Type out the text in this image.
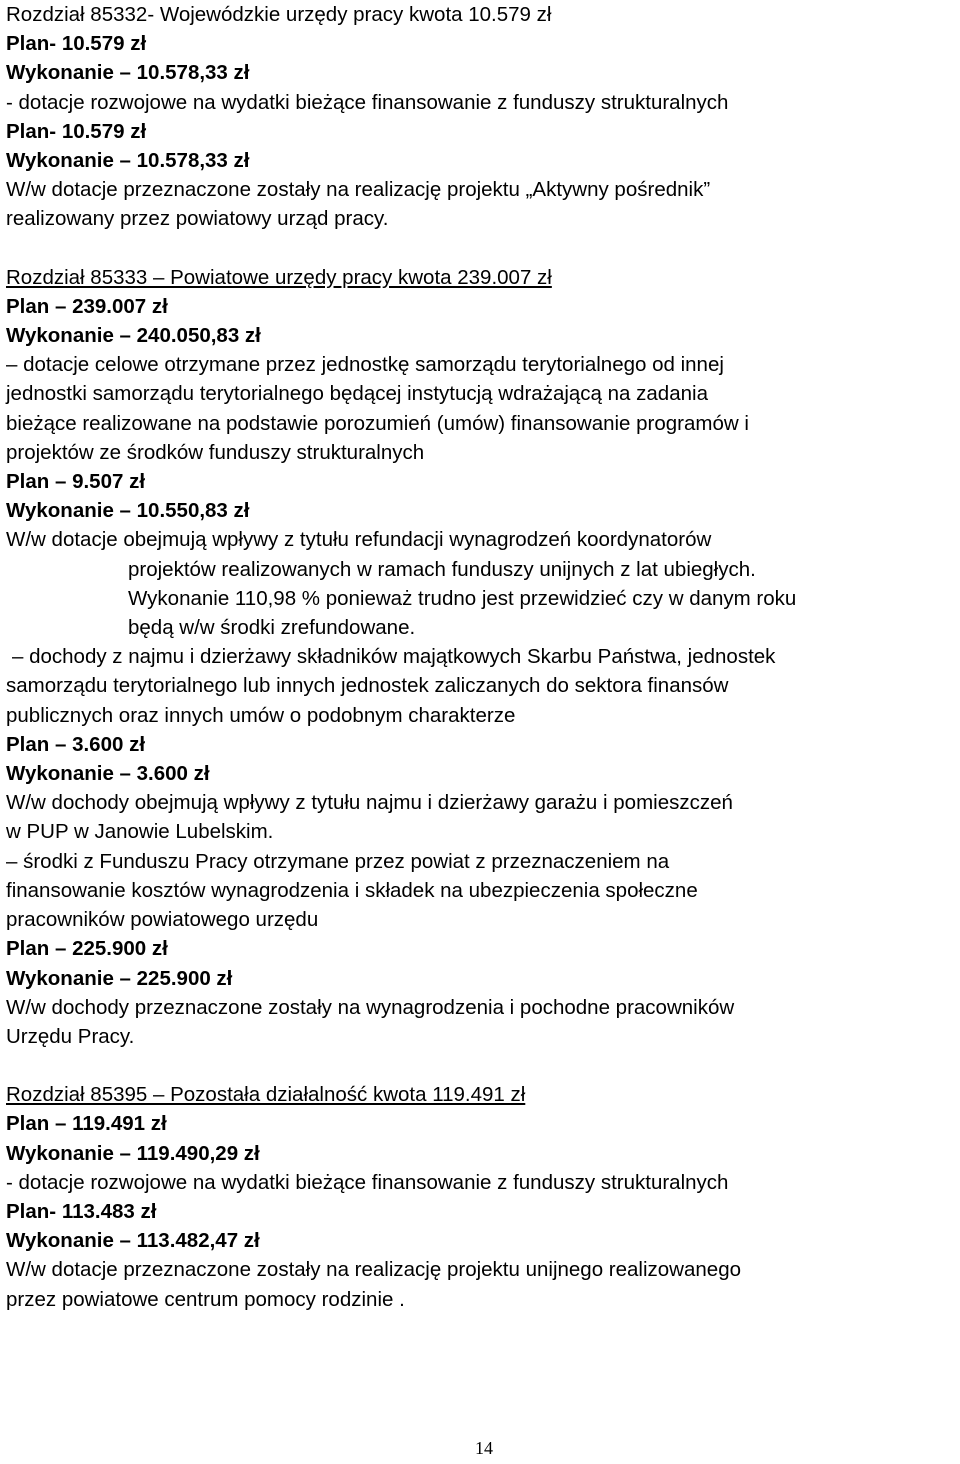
Rozdział 85332- Wojewódzkie urzędy pracy kwota 10.579 zł
Plan- 10.579 zł
Wykonanie – 10.578,33 zł
- dotacje rozwojowe na wydatki bieżące finansowanie z funduszy strukturalnych
Plan- 10.579 zł
Wykonanie – 10.578,33 zł
W/w dotacje przeznaczone zostały na realizację projektu „Aktywny pośrednik”
realizowany przez powiatowy urząd pracy.
Rozdział 85333 – Powiatowe urzędy pracy kwota 239.007 zł
Plan – 239.007 zł
Wykonanie – 240.050,83 zł
– dotacje celowe otrzymane przez jednostkę samorządu terytorialnego od innej
jednostki samorządu terytorialnego będącej instytucją wdrażającą na zadania
bieżące realizowane na podstawie porozumień (umów) finansowanie programów i
projektów ze środków funduszy strukturalnych
Plan – 9.507 zł
Wykonanie – 10.550,83 zł
W/w dotacje obejmują wpływy z tytułu refundacji wynagrodzeń koordynatorów
projektów realizowanych w ramach funduszy unijnych z lat ubiegłych.
Wykonanie 110,98 % ponieważ trudno jest przewidzieć czy w danym roku
będą w/w środki zrefundowane.
– dochody z najmu i dzierżawy składników majątkowych Skarbu Państwa, jednostek
samorządu terytorialnego lub innych jednostek zaliczanych do sektora finansów
publicznych oraz innych umów o podobnym charakterze
Plan – 3.600 zł
Wykonanie – 3.600 zł
W/w dochody obejmują wpływy z tytułu najmu i dzierżawy garażu i pomieszczeń
w PUP w Janowie Lubelskim.
– środki z Funduszu Pracy otrzymane przez powiat z przeznaczeniem na
finansowanie kosztów wynagrodzenia i składek na ubezpieczenia społeczne
pracowników powiatowego urzędu
Plan – 225.900 zł
Wykonanie – 225.900 zł
W/w dochody przeznaczone zostały na wynagrodzenia i pochodne pracowników
Urzędu Pracy.
Rozdział 85395 – Pozostała działalność kwota 119.491 zł
Plan – 119.491 zł
Wykonanie – 119.490,29 zł
- dotacje rozwojowe na wydatki bieżące finansowanie z funduszy strukturalnych
Plan- 113.483 zł
Wykonanie – 113.482,47 zł
W/w dotacje przeznaczone zostały na realizację projektu unijnego realizowanego
przez powiatowe centrum pomocy rodzinie .
14
